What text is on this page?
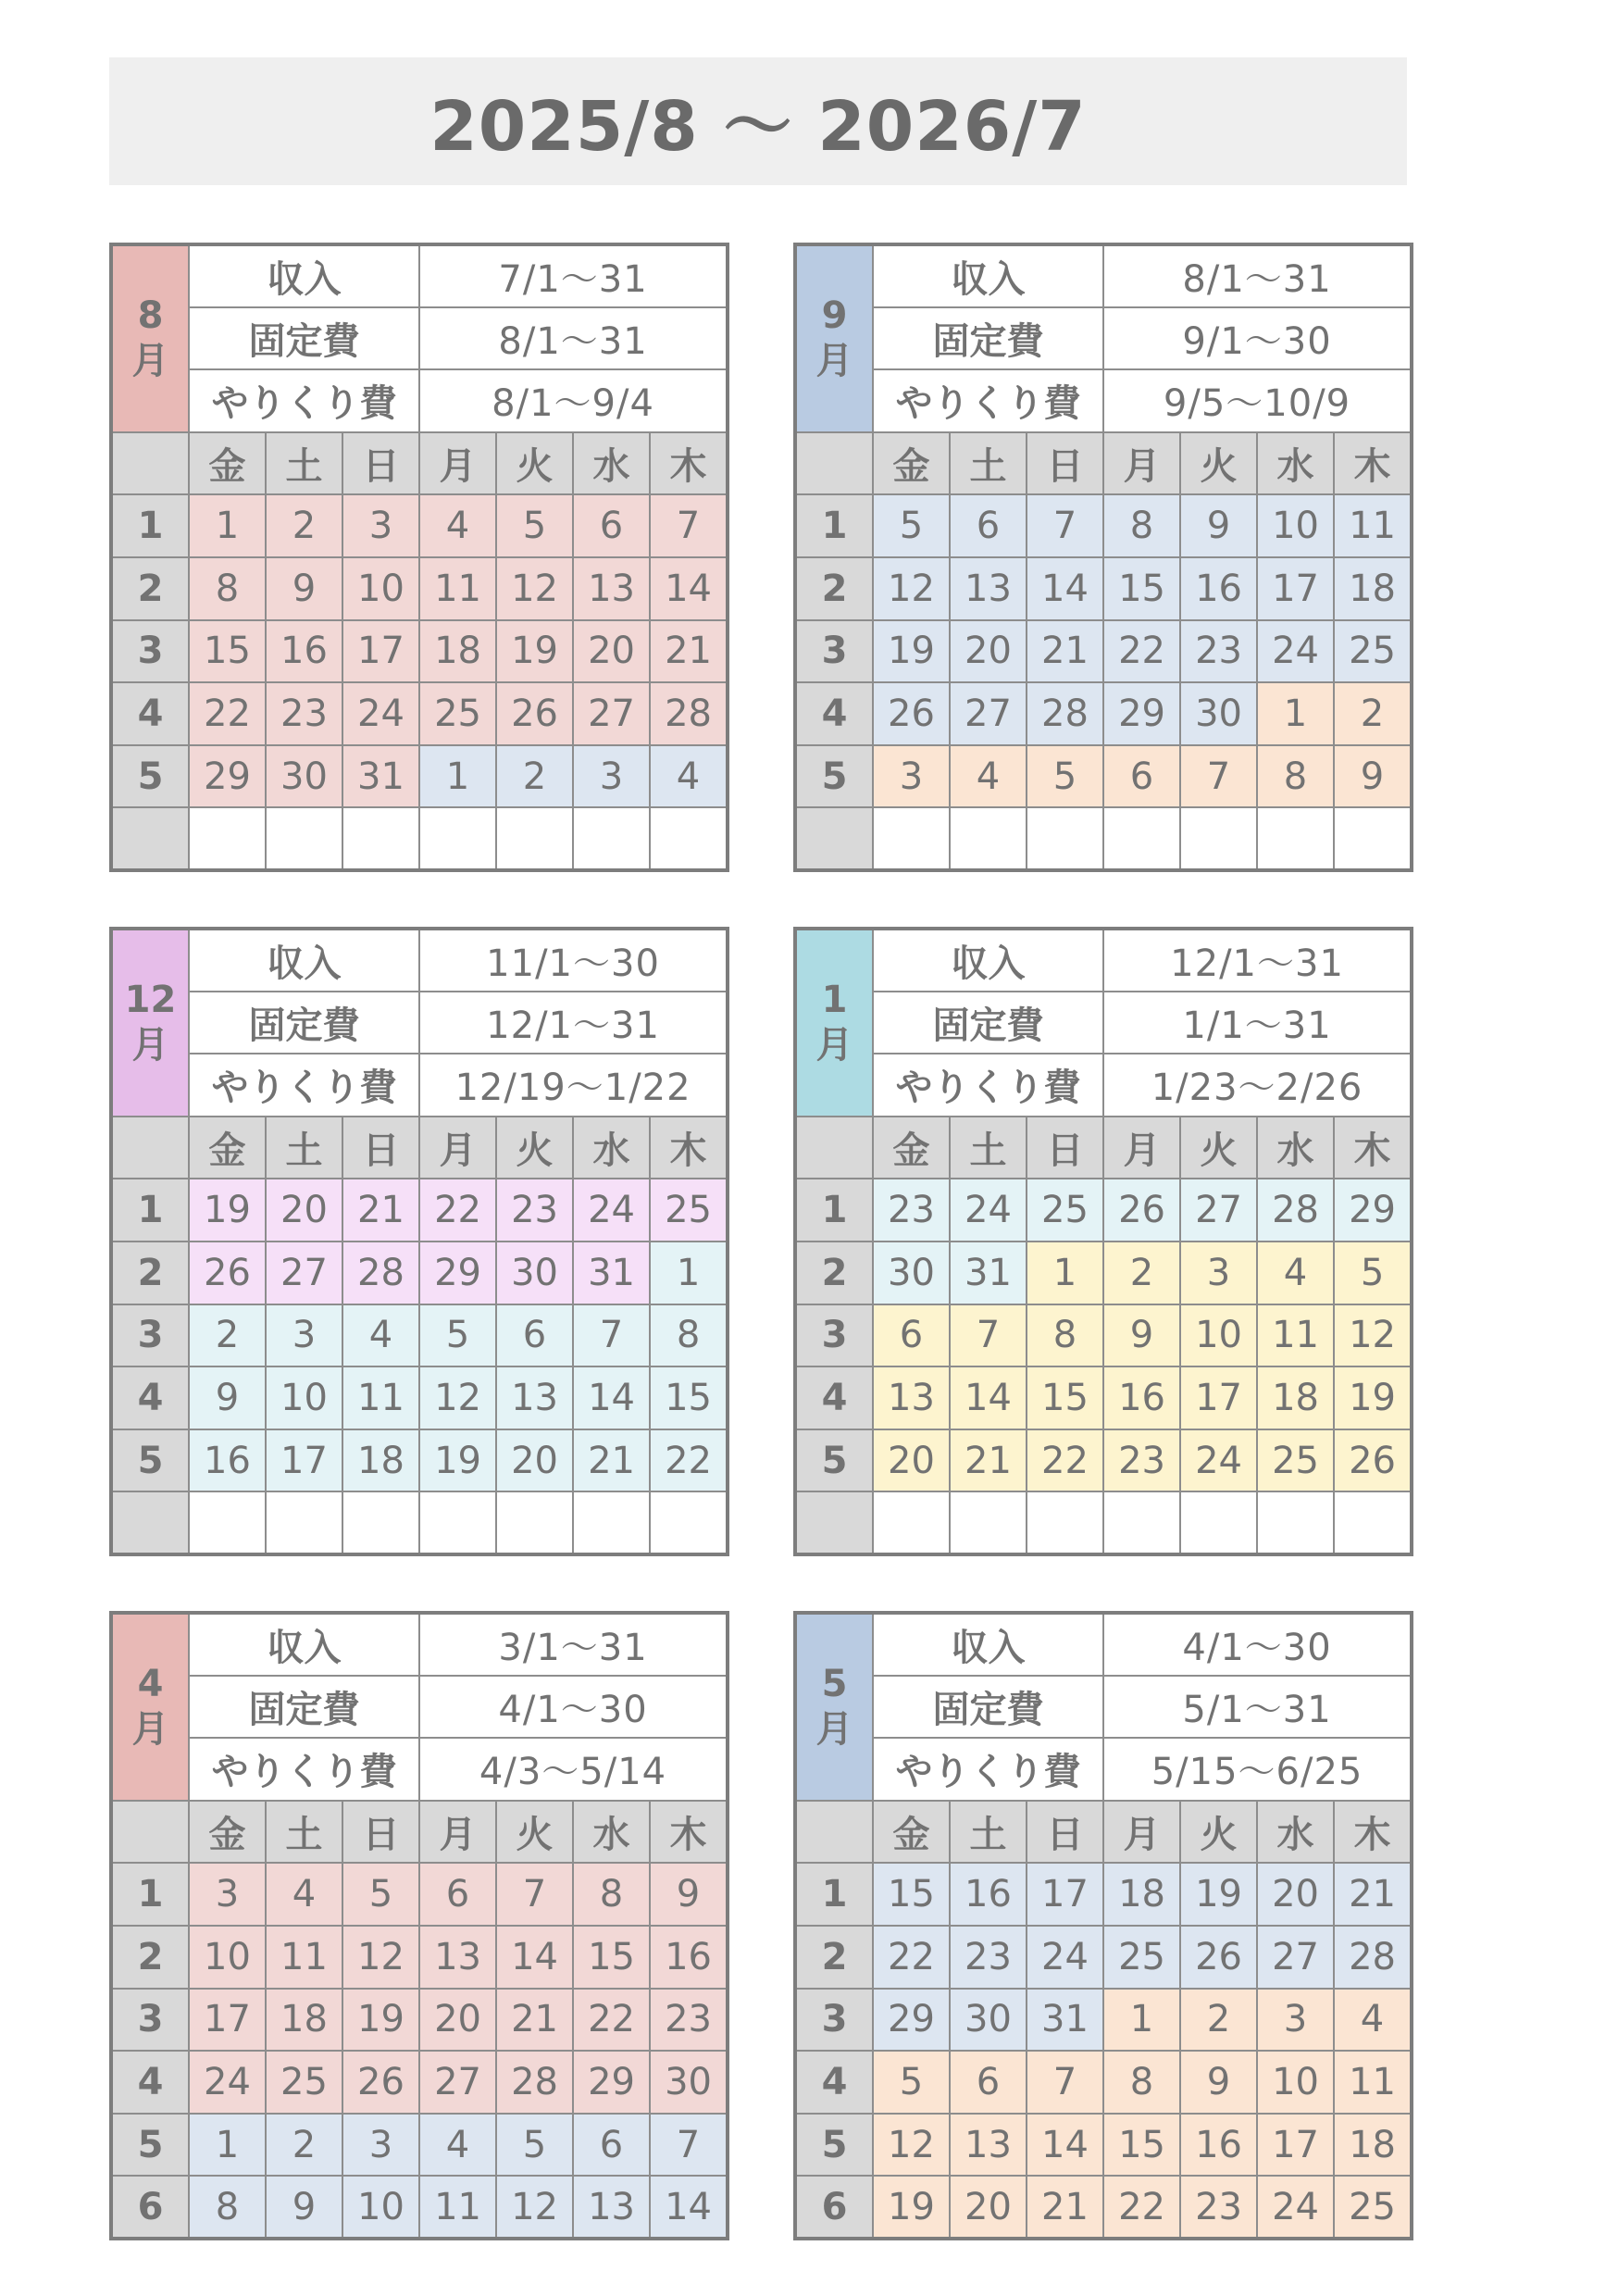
2025/8 〜 2026/7
8
月	収入			7/1〜31			
	固定費			8/1〜31			
	やりくり費			8/1〜9/4			
	金	土	日	月	火	水	木
1	1	2	3	4	5	6	7
2	8	9	10	11	12	13	14
3	15	16	17	18	19	20	21
4	22	23	24	25	26	27	28
5	29	30	31	1	2	3	4

9
月	収入			8/1〜31			
	固定費			9/1〜30			
	やりくり費			9/5〜10/9			
	金	土	日	月	火	水	木
1	5	6	7	8	9	10	11
2	12	13	14	15	16	17	18
3	19	20	21	22	23	24	25
4	26	27	28	29	30	1	2
5	3	4	5	6	7	8	9

12
月	収入			11/1〜30			
	固定費			12/1〜31			
	やりくり費			12/19〜1/22			
	金	土	日	月	火	水	木
1	19	20	21	22	23	24	25
2	26	27	28	29	30	31	1
3	2	3	4	5	6	7	8
4	9	10	11	12	13	14	15
5	16	17	18	19	20	21	22

1
月	収入			12/1〜31			
	固定費			1/1〜31			
	やりくり費			1/23〜2/26			
	金	土	日	月	火	水	木
1	23	24	25	26	27	28	29
2	30	31	1	2	3	4	5
3	6	7	8	9	10	11	12
4	13	14	15	16	17	18	19
5	20	21	22	23	24	25	26

4
月	収入			3/1〜31			
	固定費			4/1〜30			
	やりくり費			4/3〜5/14			
	金	土	日	月	火	水	木
1	3	4	5	6	7	8	9
2	10	11	12	13	14	15	16
3	17	18	19	20	21	22	23
4	24	25	26	27	28	29	30
5	1	2	3	4	5	6	7
6	8	9	10	11	12	13	14
5
月	収入			4/1〜30			
	固定費			5/1〜31			
	やりくり費			5/15〜6/25			
	金	土	日	月	火	水	木
1	15	16	17	18	19	20	21
2	22	23	24	25	26	27	28
3	29	30	31	1	2	3	4
4	5	6	7	8	9	10	11
5	12	13	14	15	16	17	18
6	19	20	21	22	23	24	25
